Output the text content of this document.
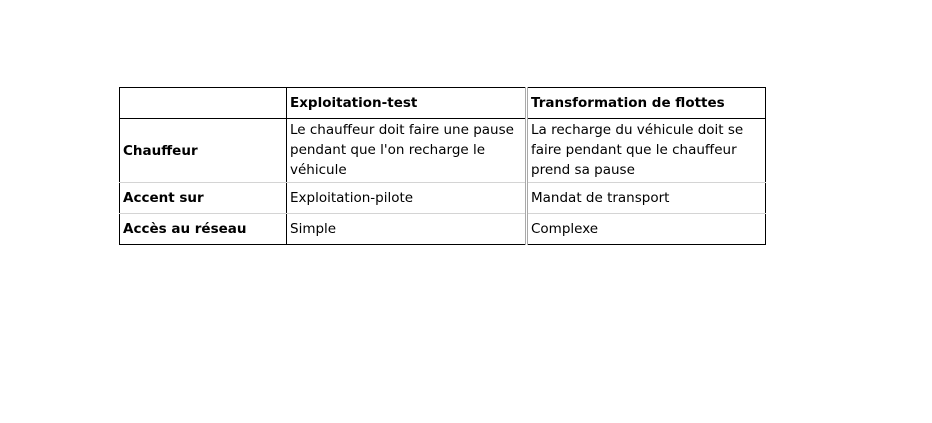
	Exploitation-test	Transformation de flottes
Chauffeur	Le chauffeur doit faire une pause pendant que l'on recharge le véhicule	La recharge du véhicule doit se faire pendant que le chauffeur prend sa pause

Accent sur	Exploitation-pilote	Mandat de transport
Accès au réseau	Simple	Complexe
